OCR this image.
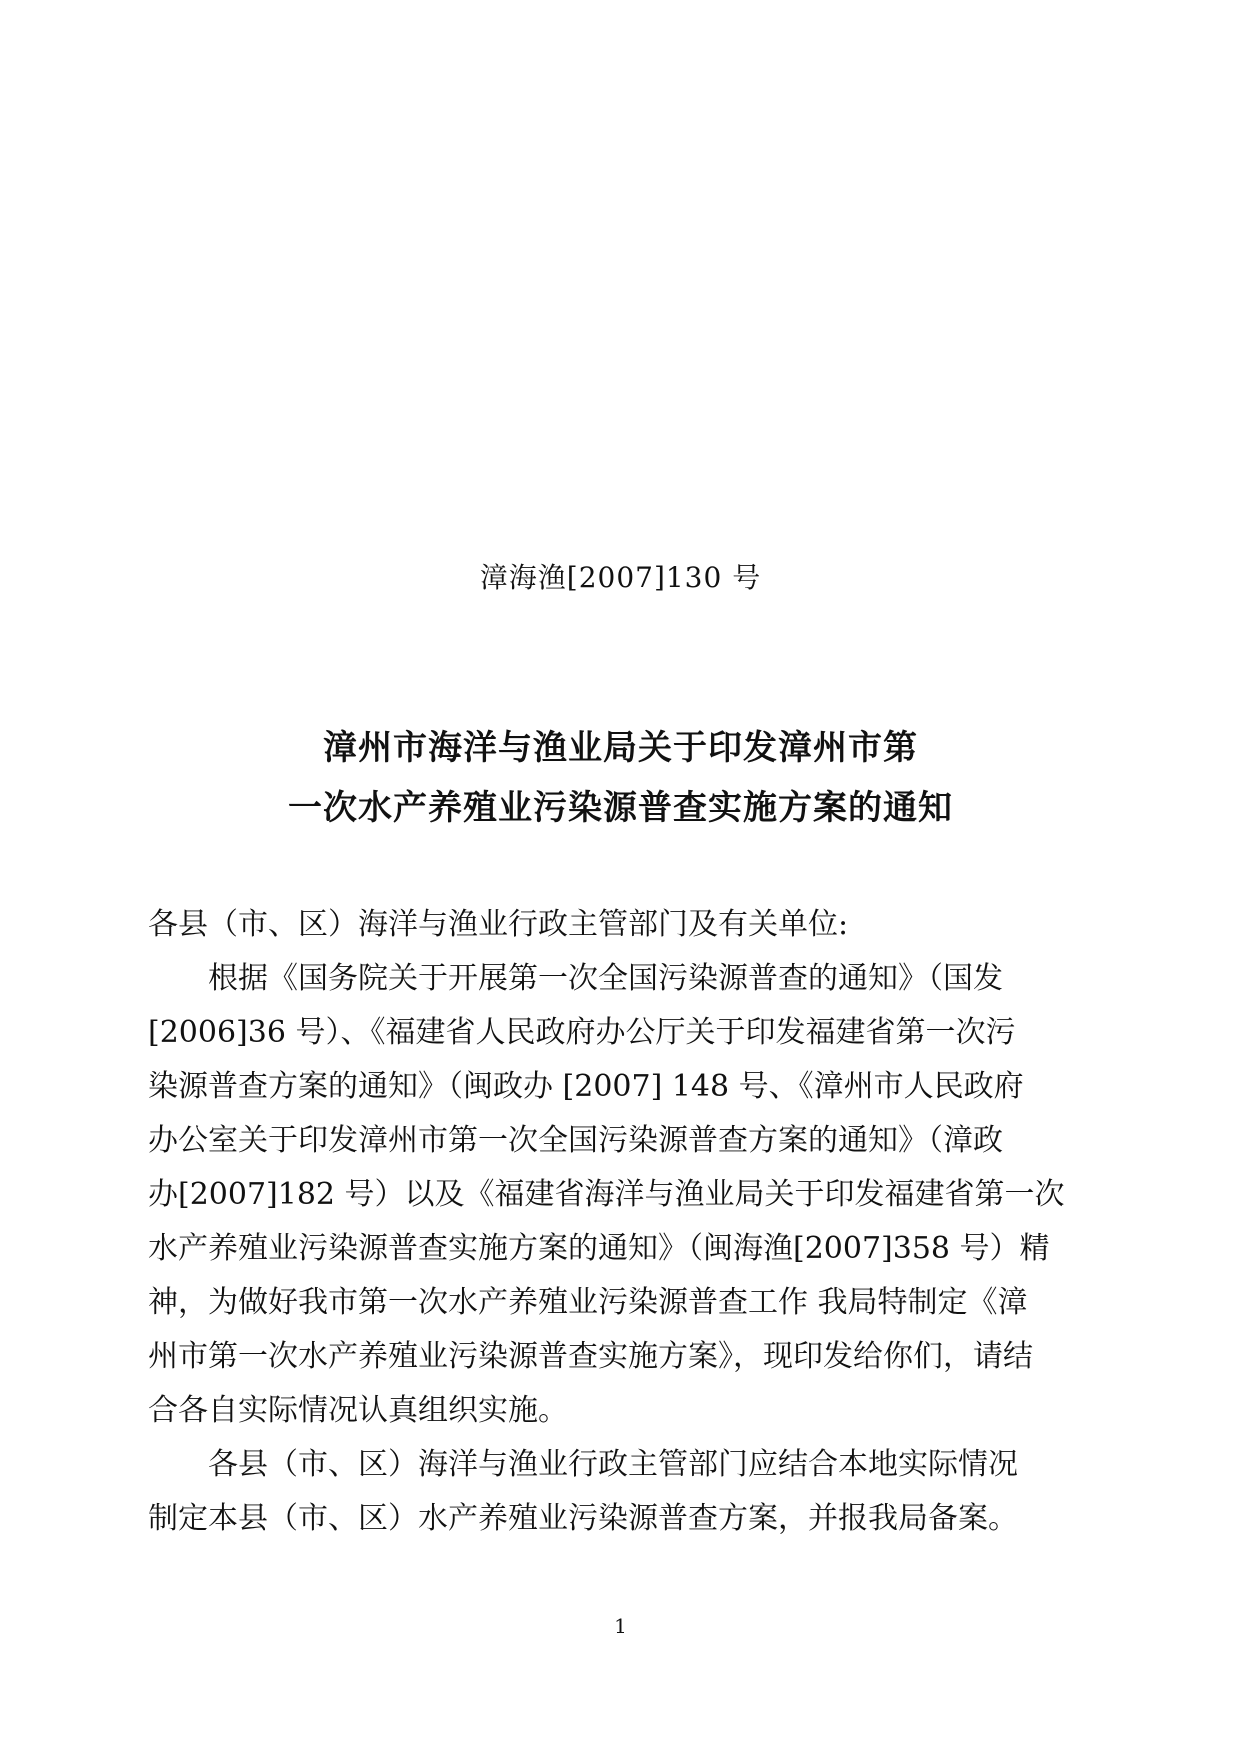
漳海渔[2007]130 号
漳州市海洋与渔业局关于印发漳州市第
一次水产养殖业污染源普查实施方案的通知
各县（市、区）海洋与渔业行政主管部门及有关单位:
　　根据《国务院关于开展第一次全国污染源普查的通知》（国发
[2006]36 号）、《福建省人民政府办公厅关于印发福建省第一次污
染源普查方案的通知》（闽政办 [2007] 148 号、《漳州市人民政府
办公室关于印发漳州市第一次全国污染源普查方案的通知》（漳政
办[2007]182 号）以及《福建省海洋与渔业局关于印发福建省第一次
水产养殖业污染源普查实施方案的通知》（闽海渔[2007]358 号）精
神，为做好我市第一次水产养殖业污染源普查工作 我局特制定《漳
州市第一次水产养殖业污染源普查实施方案》，现印发给你们，请结
合各自实际情况认真组织实施。
　　各县（市、区）海洋与渔业行政主管部门应结合本地实际情况
制定本县（市、区）水产养殖业污染源普查方案，并报我局备案。
1
